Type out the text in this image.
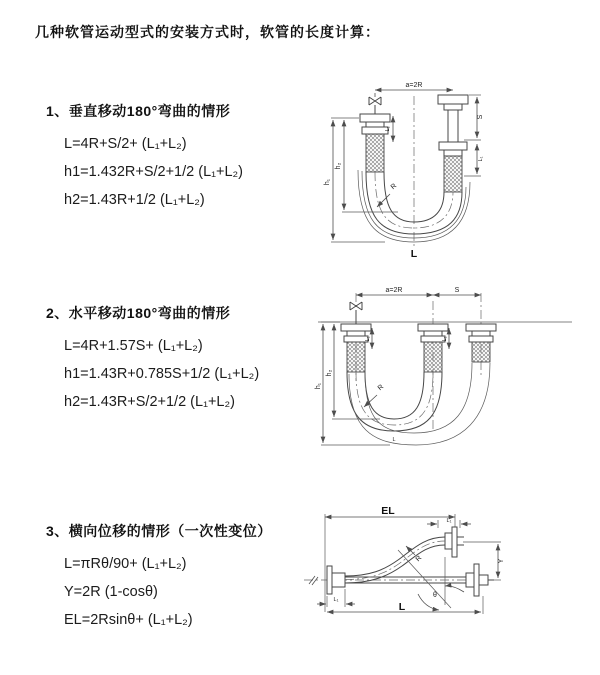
几种软管运动型式的安装方式时，软管的长度计算：
1、垂直移动180°弯曲的情形
L=4R+S/2+ (L₁+L₂)
h1=1.432R+S/2+1/2 (L₁+L₂)
h2=1.43R+1/2 (L₁+L₂)
2、水平移动180°弯曲的情形
L=4R+1.57S+ (L₁+L₂)
h1=1.43R+0.785S+1/2 (L₁+L₂)
h2=1.43R+S/2+1/2 (L₁+L₂)
3、横向位移的情形（一次性变位）
L=πRθ/90+ (L₁+L₂)
Y=2R (1-cosθ)
EL=2Rsinθ+ (L₁+L₂)
a=2R
h₁
h₂
S
L₁
L₁
R
L
a=2R	S
h₁
h₂
L₁	L₁
R
L
EL
L₁
Y
R
θ
L
L₁
